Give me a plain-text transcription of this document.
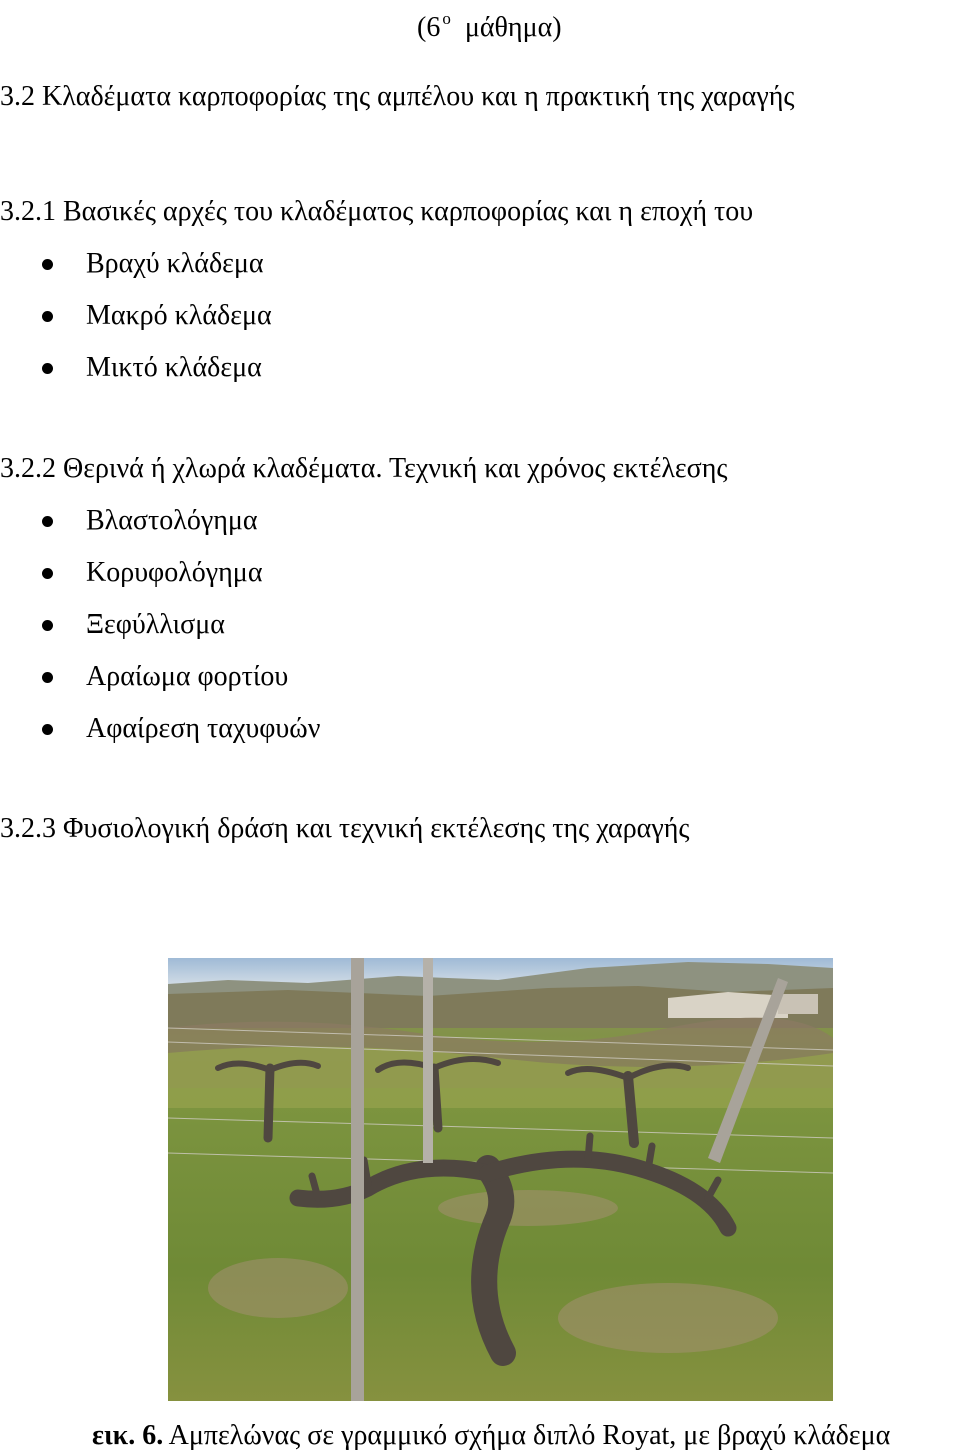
(6 $^o$ μάθημα)
3.2 Κλαδέματα καρποφορίας της αμπέλου και η πρακτική της χαραγής
3.2.1 Βασικές αρχές του κλαδέματος καρποφορίας και η εποχή του
Βραχύ κλάδεμα
Μακρό κλάδεμα
Μικτό κλάδεμα
3.2.2 Θερινά ή χλωρά κλαδέματα. Τεχνική και χρόνος εκτέλεσης
Βλαστολόγημα
Κορυφολόγημα
Ξεφύλλισμα
Αραίωμα φορτίου
Αφαίρεση ταχυφυών
3.2.3 Φυσιολογική δράση και τεχνική εκτέλεσης της χαραγής
εικ. 6. Αμπελώνας σε γραμμικό σχήμα διπλό Royat, με βραχύ κλάδεμα
